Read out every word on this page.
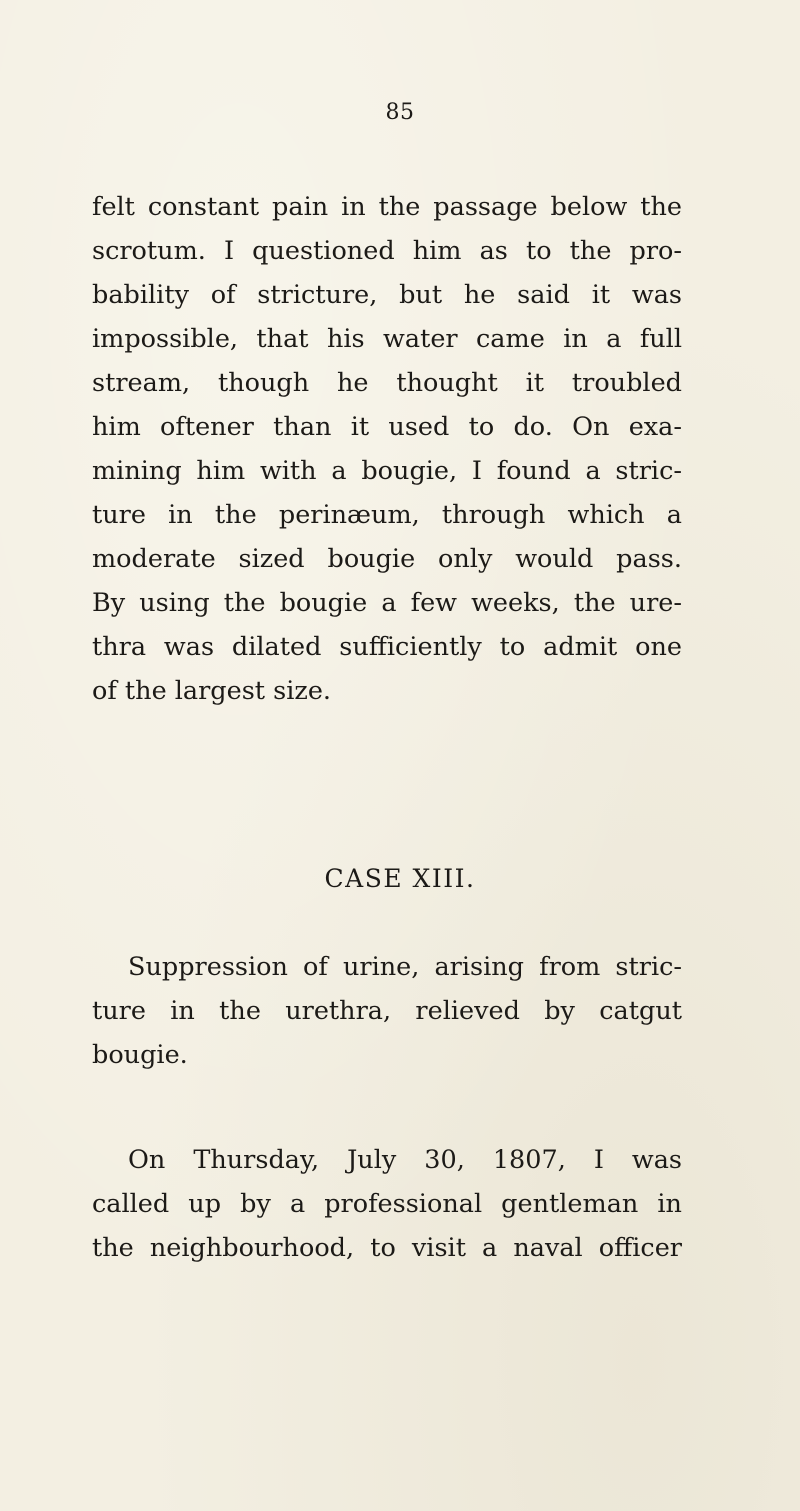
85
felt constant pain in the passage below the
scrotum. I questioned him as to the pro-
bability of stricture, but he said it was
impossible, that his water came in a full
stream, though he thought it troubled
him oftener than it used to do. On exa-
mining him with a bougie, I found a stric-
ture in the perinæum, through which a
moderate sized bougie only would pass.
By using the bougie a few weeks, the ure-
thra was dilated sufficiently to admit one
of the largest size.
CASE XIII.
Suppression of urine, arising from stric-
ture in the urethra, relieved by catgut
bougie.
On Thursday, July 30, 1807, I was
called up by a professional gentleman in
the neighbourhood, to visit a naval officer
